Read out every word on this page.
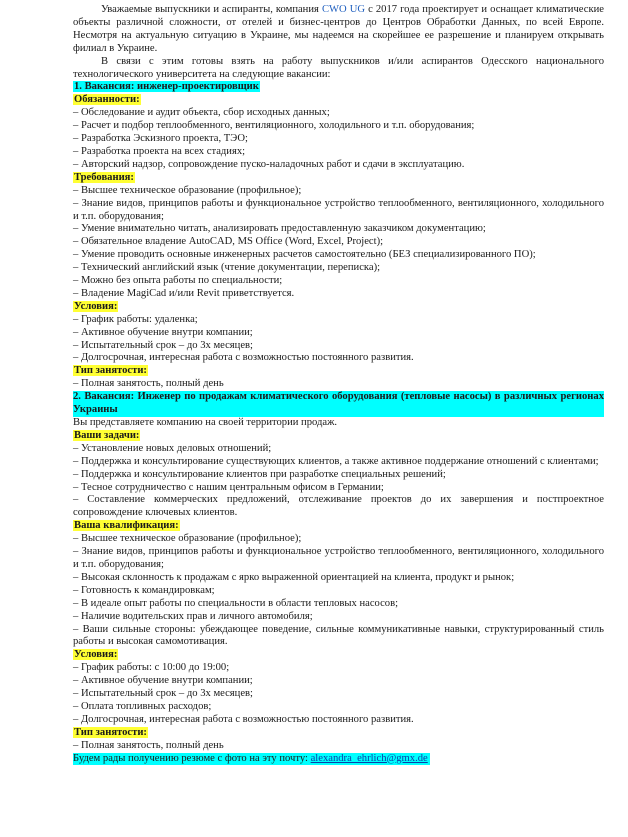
Уважаемые выпускники и аспиранты, компания CWO UG с 2017 года проектирует и оснащает климатические объекты различной сложности, от отелей и бизнес-центров до Центров Обработки Данных, по всей Европе. Несмотря на актуальную ситуацию в Украине, мы надеемся на скорейшее ее разрешение и планируем открывать филиал в Украине.

В связи с этим готовы взять на работу выпускников и/или аспирантов Одесского национального технологического университета на следующие вакансии:

1. Вакансия: инженер-проектировщик

Обязанности:

– Обследование и аудит объекта, сбор исходных данных;

– Расчет и подбор теплообменного, вентиляционного, холодильного и т.п. оборудования;

– Разработка Эскизного проекта, ТЭО;

– Разработка проекта на всех стадиях;

– Авторский надзор, сопровождение пуско-наладочных работ и сдачи в эксплуатацию.

Требования:

– Высшее техническое образование (профильное);

– Знание видов, принципов работы и функциональное устройство теплообменного, вентиляционного, холодильного и т.п. оборудования;

– Умение внимательно читать, анализировать предоставленную заказчиком документацию;

– Обязательное владение AutoCAD, MS Office (Word, Excel, Project);

– Умение проводить основные инженерных расчетов самостоятельно (БЕЗ специализированного ПО);

– Технический английский язык (чтение документации, переписка);

– Можно без опыта работы по специальности;

– Владение MagiCad и/или Revit приветствуется.

Условия:

– График работы: удаленка;

– Активное обучение внутри компании;

– Испытательный срок – до 3х месяцев;

– Долгосрочная, интересная работа с возможностью постоянного развития.

Тип занятости:

– Полная занятость, полный день

2. Вакансия: Инженер по продажам климатического оборудования (тепловые насосы) в различных регионах Украины

Вы представляете компанию на своей территории продаж.

Ваши задачи:

– Установление новых деловых отношений;

– Поддержка и консультирование существующих клиентов, а также активное поддержание отношений с клиентами;

– Поддержка и консультирование клиентов при разработке специальных решений;

– Тесное сотрудничество с нашим центральным офисом в Германии;

– Составление коммерческих предложений, отслеживание проектов до их завершения и постпроектное сопровождение ключевых клиентов.

Ваша квалификация:

– Высшее техническое образование (профильное);

– Знание видов, принципов работы и функциональное устройство теплообменного, вентиляционного, холодильного и т.п. оборудования;

– Высокая склонность к продажам с ярко выраженной ориентацией на клиента, продукт и рынок;

– Готовность к командировкам;

– В идеале опыт работы по специальности в области тепловых насосов;

– Наличие водительских прав и личного автомобиля;

– Ваши сильные стороны: убеждающее поведение, сильные коммуникативные навыки, структурированный стиль работы и высокая самомотивация.

Условия:

– График работы: с 10:00 до 19:00;

– Активное обучение внутри компании;

– Испытательный срок – до 3х месяцев;

– Оплата топливных расходов;

– Долгосрочная, интересная работа с возможностью постоянного развития.

Тип занятости:

– Полная занятость, полный день

Будем рады получению резюме с фото на эту почту: alexandra_ehrlich@gmx.de
